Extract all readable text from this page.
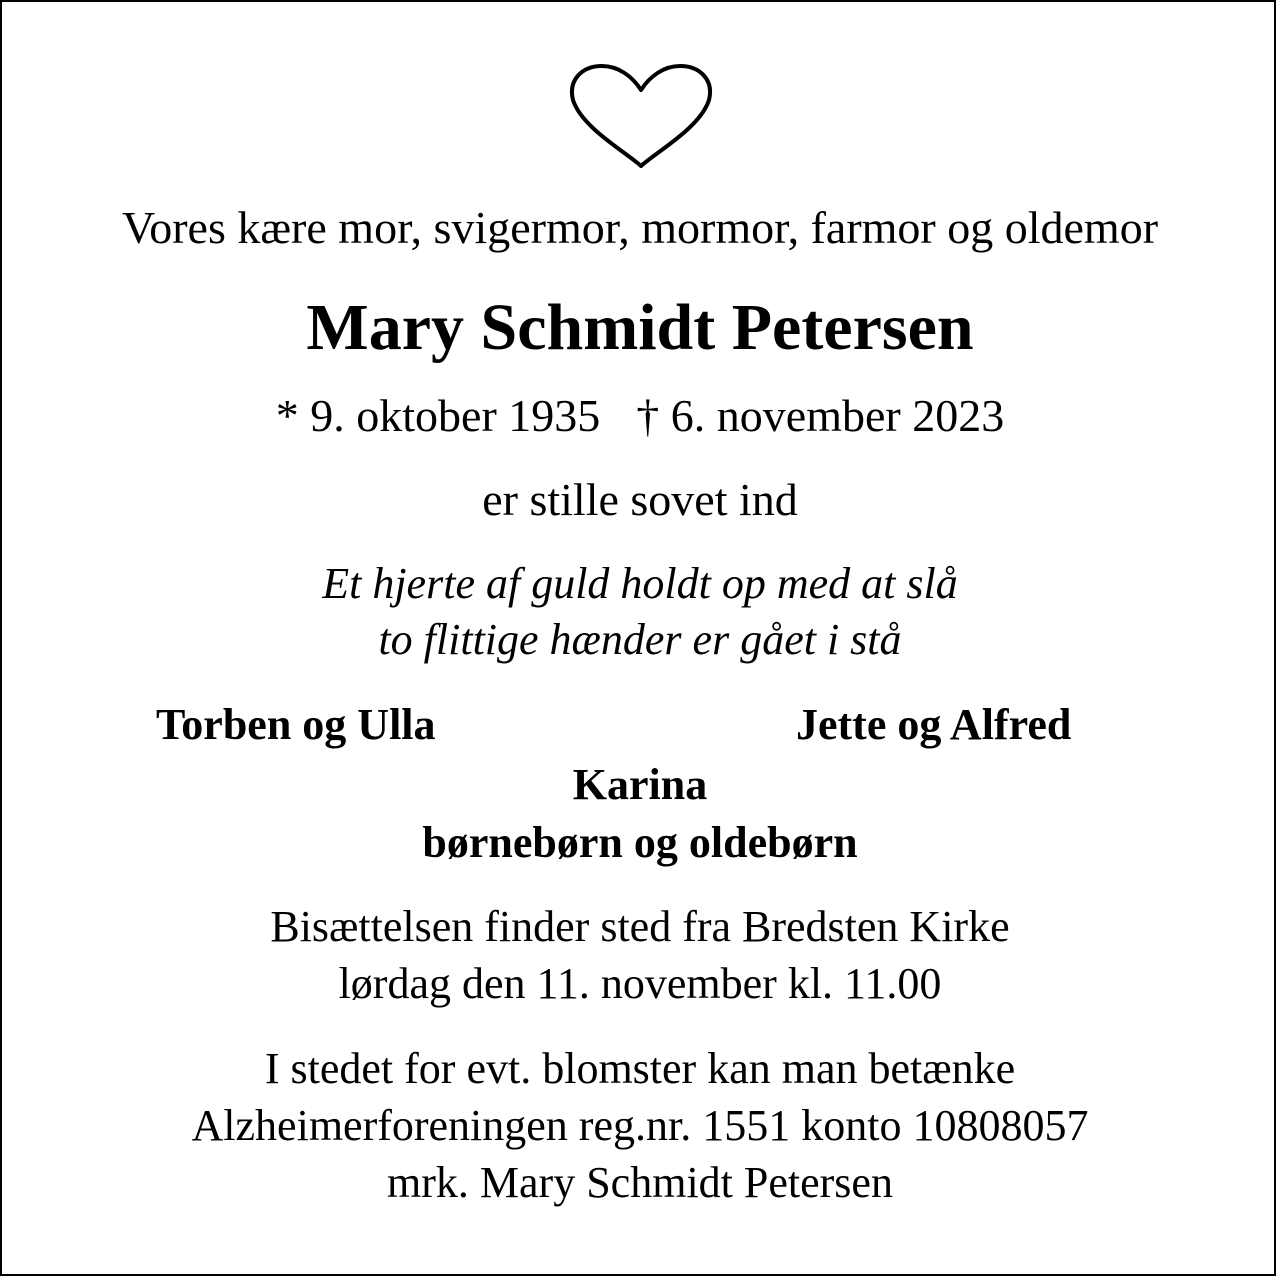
Vores kære mor, svigermor, mormor, farmor og oldemor
Mary Schmidt Petersen
* 9. oktober 1935 † 6. november 2023
er stille sovet ind
Et hjerte af guld holdt op med at slå
to flittige hænder er gået i stå
Torben og Ulla	Jette og Alfred
Karina
børnebørn og oldebørn
Bisættelsen finder sted fra Bredsten Kirke
lørdag den 11. november kl. 11.00
I stedet for evt. blomster kan man betænke
Alzheimerforeningen reg.nr. 1551 konto 10808057
mrk. Mary Schmidt Petersen
